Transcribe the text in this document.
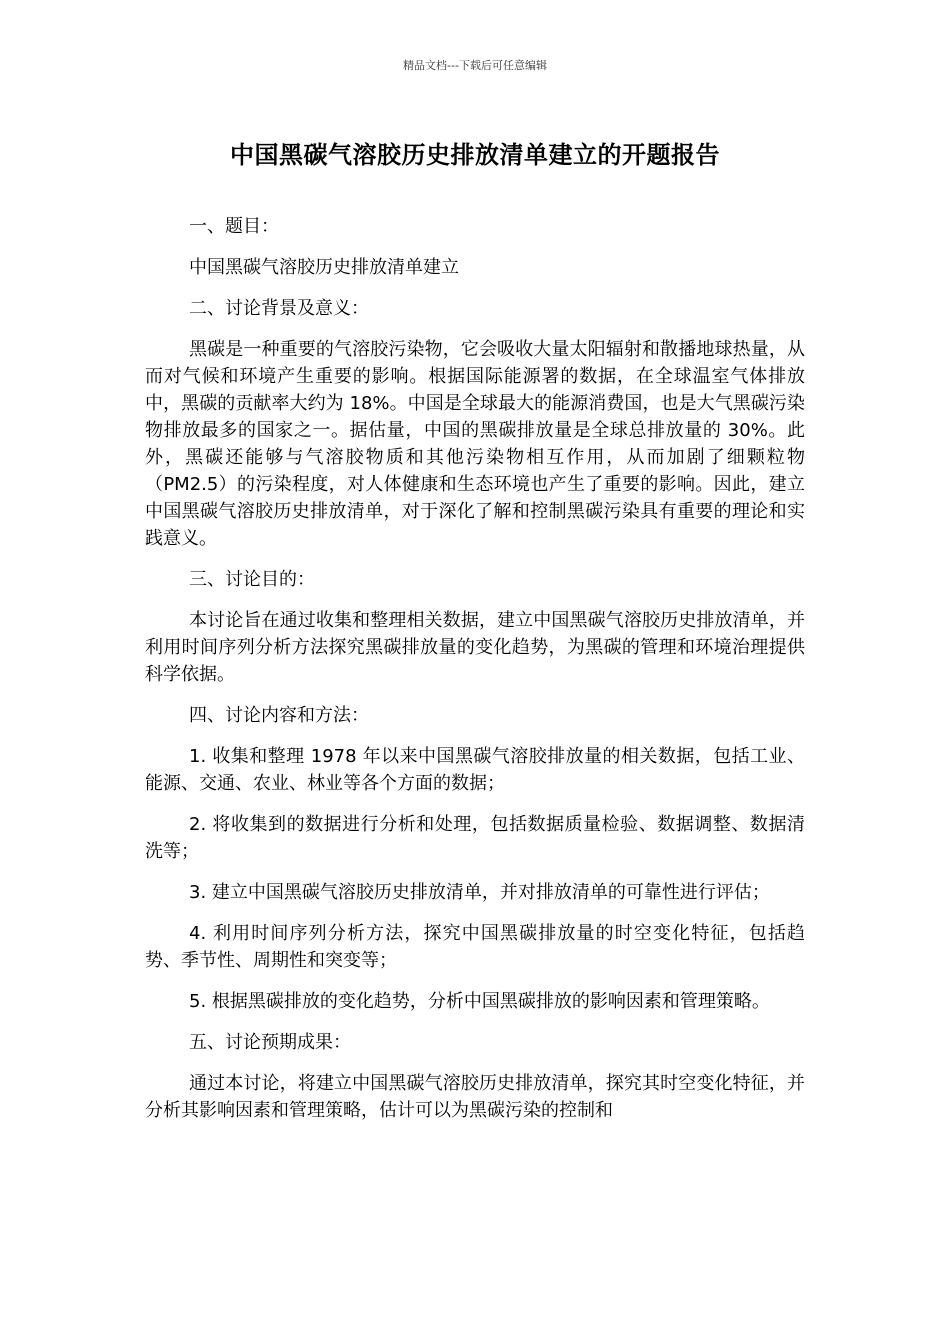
精品文档---下载后可任意编辑
中国黑碳气溶胶历史排放清单建立的开题报告

一、题目：

中国黑碳气溶胶历史排放清单建立

二、讨论背景及意义：

黑碳是一种重要的气溶胶污染物，它会吸收大量太阳辐射和散播地球热量，从而对气候和环境产生重要的影响。根据国际能源署的数据，在全球温室气体排放中，黑碳的贡献率大约为 18%。中国是全球最大的能源消费国，也是大气黑碳污染物排放最多的国家之一。据估量，中国的黑碳排放量是全球总排放量的 30%。此外，黑碳还能够与气溶胶物质和其他污染物相互作用，从而加剧了细颗粒物（PM2.5）的污染程度，对人体健康和生态环境也产生了重要的影响。因此，建立中国黑碳气溶胶历史排放清单，对于深化了解和控制黑碳污染具有重要的理论和实践意义。

三、讨论目的：

本讨论旨在通过收集和整理相关数据，建立中国黑碳气溶胶历史排放清单，并利用时间序列分析方法探究黑碳排放量的变化趋势，为黑碳的管理和环境治理提供科学依据。

四、讨论内容和方法：

1. 收集和整理 1978 年以来中国黑碳气溶胶排放量的相关数据，包括工业、能源、交通、农业、林业等各个方面的数据；

2. 将收集到的数据进行分析和处理，包括数据质量检验、数据调整、数据清洗等；

3. 建立中国黑碳气溶胶历史排放清单，并对排放清单的可靠性进行评估；

4. 利用时间序列分析方法，探究中国黑碳排放量的时空变化特征，包括趋势、季节性、周期性和突变等；

5. 根据黑碳排放的变化趋势，分析中国黑碳排放的影响因素和管理策略。

五、讨论预期成果：

通过本讨论，将建立中国黑碳气溶胶历史排放清单，探究其时空变化特征，并分析其影响因素和管理策略，估计可以为黑碳污染的控制和
